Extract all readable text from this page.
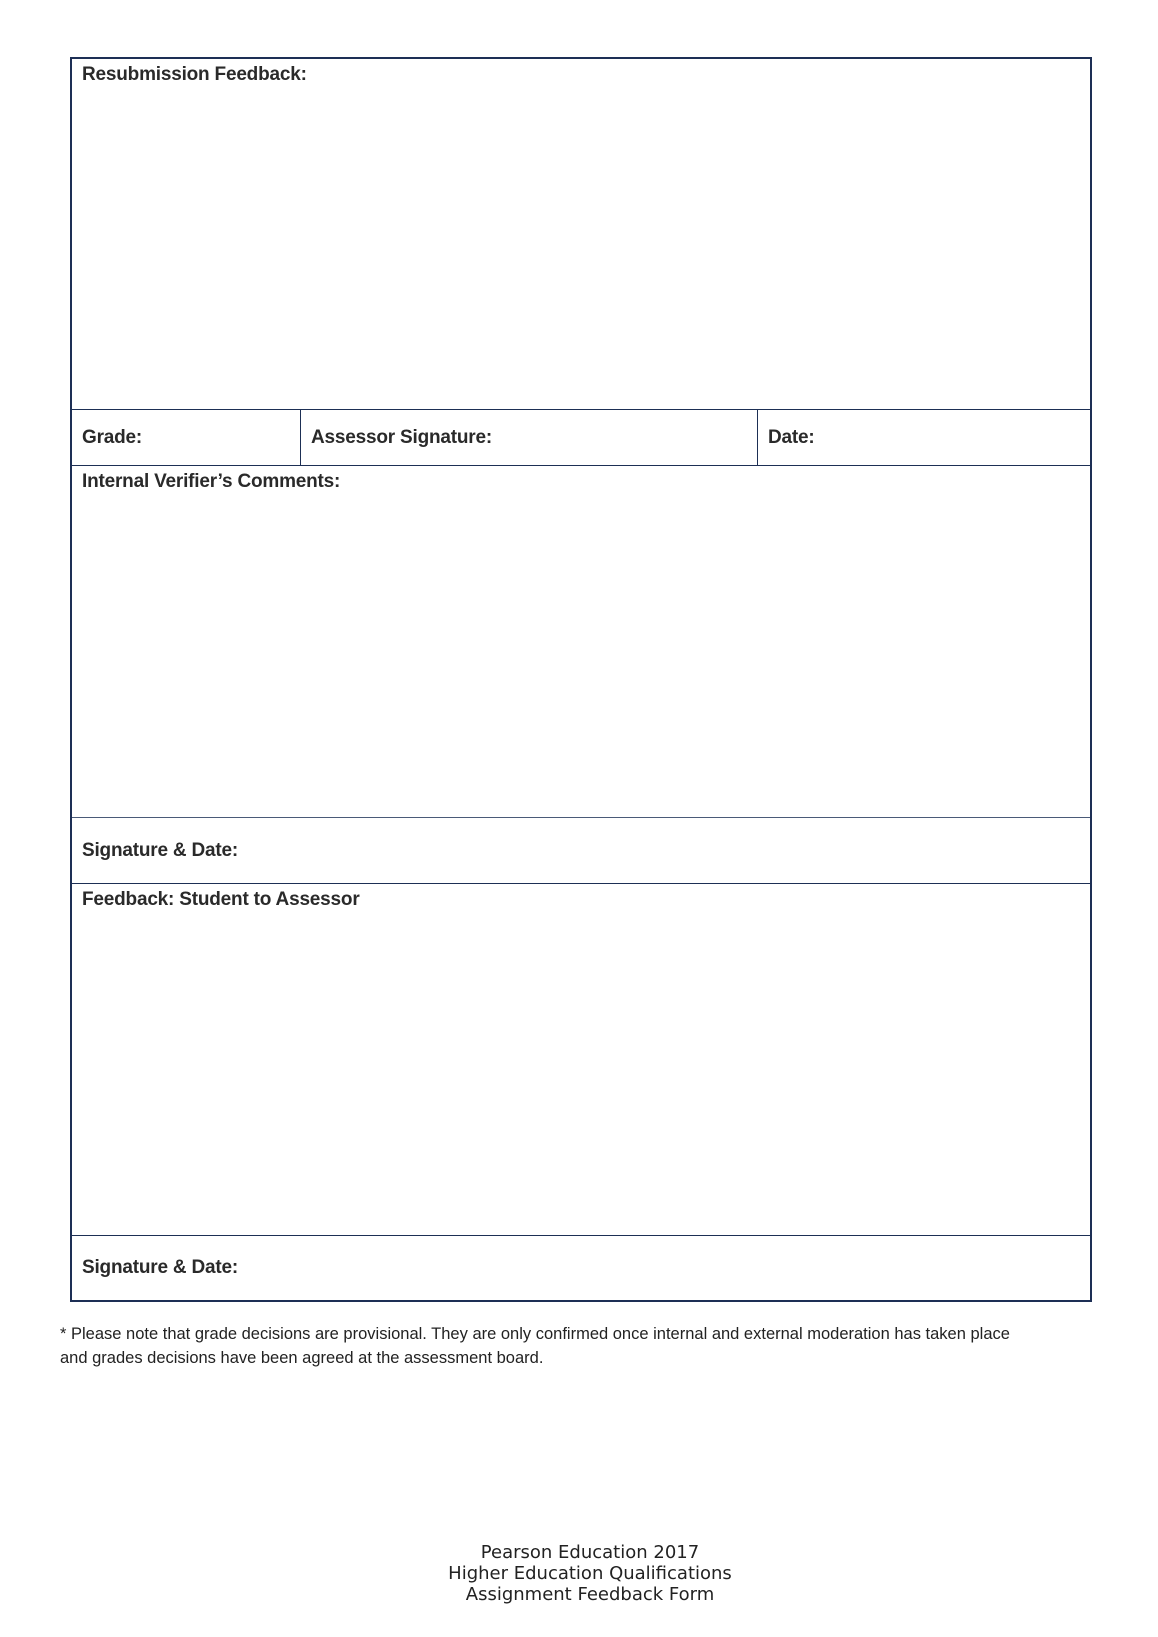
Resubmission Feedback:
Grade:	Assessor Signature:	Date:
Internal Verifier’s Comments:
Signature & Date:
Feedback: Student to Assessor
Signature & Date:
* Please note that grade decisions are provisional. They are only confirmed once internal and external moderation has taken place
and grades decisions have been agreed at the assessment board.
Pearson Education 2017
Higher Education Qualifications
Assignment Feedback Form
